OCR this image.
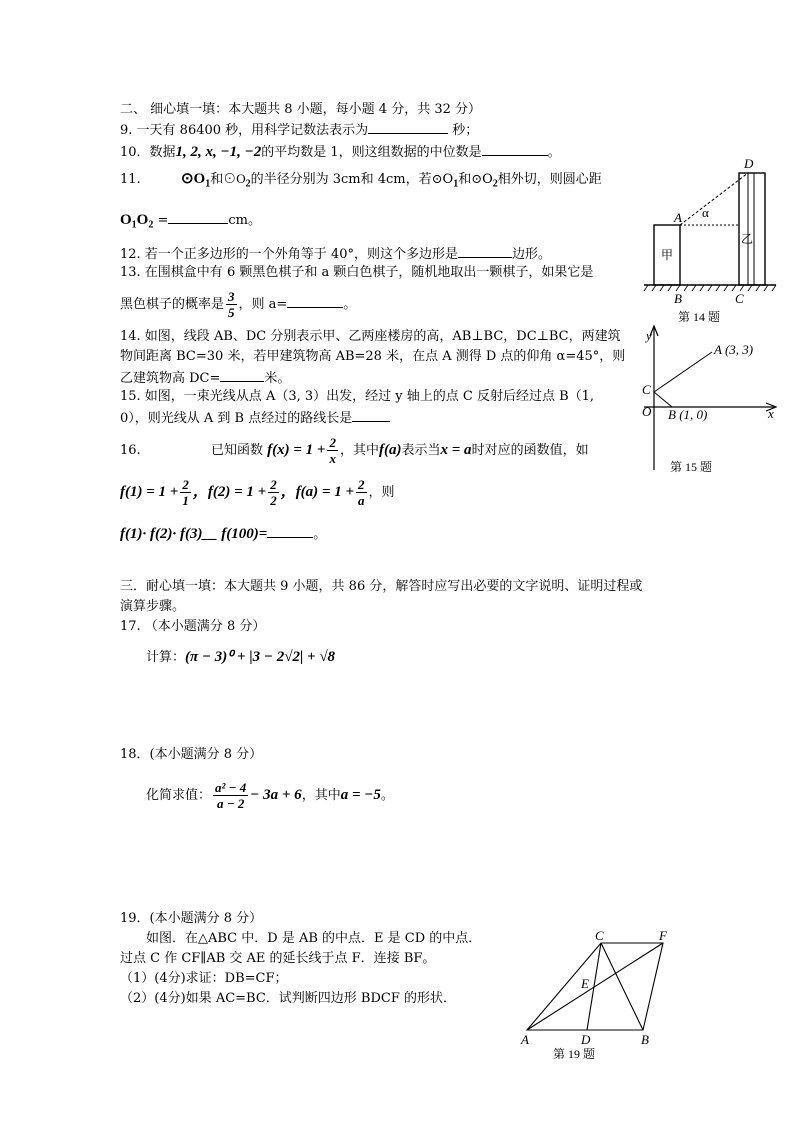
二、 细心填一填：本大题共 8 小题，每小题 4 分，共 32 分）
9. 一天有 86400 秒，用科学记数法表示为	秒；
10．数据1, 2, x, −1, −2的平均数是 1，则这组数据的中位数是	。
11.	$⊙O_1$和$⊙O_2$的半径分别为 3cm和 4cm，若$⊙O_1$和$⊙O_2$相外切，则圆心距
$O_1O_2$ =	cm。
12. 若一个正多边形的一个外角等于 40°，则这个多边形是	边形。
13. 在围棋盒中有 6 颗黑色棋子和 a 颗白色棋子，随机地取出一颗棋子，如果它是
黑色棋子的概率是 $\frac{3}{5}$ ，则 a=	。
14. 如图，线段 AB、DC 分别表示甲、乙两座楼房的高，AB⊥BC，DC⊥BC，两建筑
物间距离 BC=30 米，若甲建筑物高 AB=28 米，在点 A 测得 D 点的仰角 α=45°，则
乙建筑物高 DC=	米。
15. 如图，一束光线从点 A（3, 3）出发，经过 y 轴上的点 C 反射后经过点 B（1,
0），则光线从 A 到 B 点经过的路线长是
16.	已知函数 $f(x) = 1 + \frac{2}{x}$ ，其中f(a)表示当x = a时对应的函数值，如
$f(1) = 1 + \frac{2}{1}$ ，$f(2) = 1 + \frac{2}{2}$ ，$f(a) = 1 + \frac{2}{a}$ ，则
f(1)· f(2)· f(3)__ f(100)=	。
三．耐心填一填：本大题共 9 小题，共 86 分，解答时应写出必要的文字说明、证明过程或
演算步骤。
17. （本小题满分 8 分）
计算：(π − 3)⁰ + |3 − 2√2| + √8
18．(本小题满分 8 分）
化简求值： $\frac{\text{a² − 4}}{a - 2} - 3a + 6$，其中a = −5。
19．(本小题满分 8 分）
如图．在△ABC 中．D 是 AB 的中点．E 是 CD 的中点．
过点 C 作 CF∥AB 交 AE 的延长线于点 F．连接 BF。
（1）(4分)求证：DB=CF；
（2）(4分)如果 AC=BC．试判断四边形 BDCF 的形状．
D
A α
甲
乙
B	C
第 14 题
y
A (3, 3)
C
O B (1, 0)	x
第 15 题
C	F
E
A	D	B
第 19 题
